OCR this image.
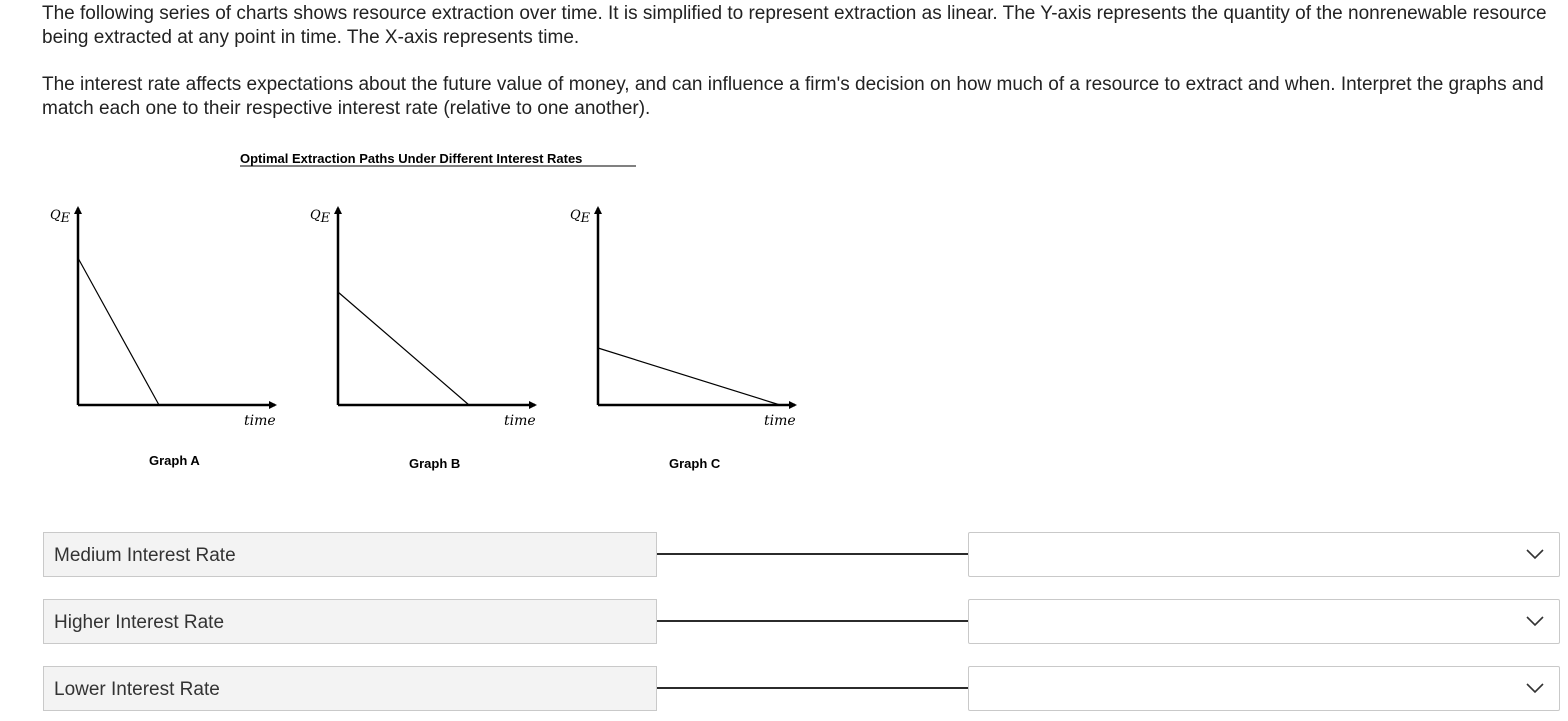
The following series of charts shows resource extraction over time. It is simplified to represent extraction as linear. The Y-axis represents the quantity of the nonrenewable resource being extracted at any point in time. The X-axis represents time.

The interest rate affects expectations about the future value of money, and can influence a firm's decision on how much of a resource to extract and when. Interpret the graphs and match each one to their respective interest rate (relative to one another).

Optimal Extraction Paths Under Different Interest Rates
QE
time
Graph A
QE
time
Graph B
QE
time
Graph C
Medium Interest Rate
Higher Interest Rate
Lower Interest Rate
